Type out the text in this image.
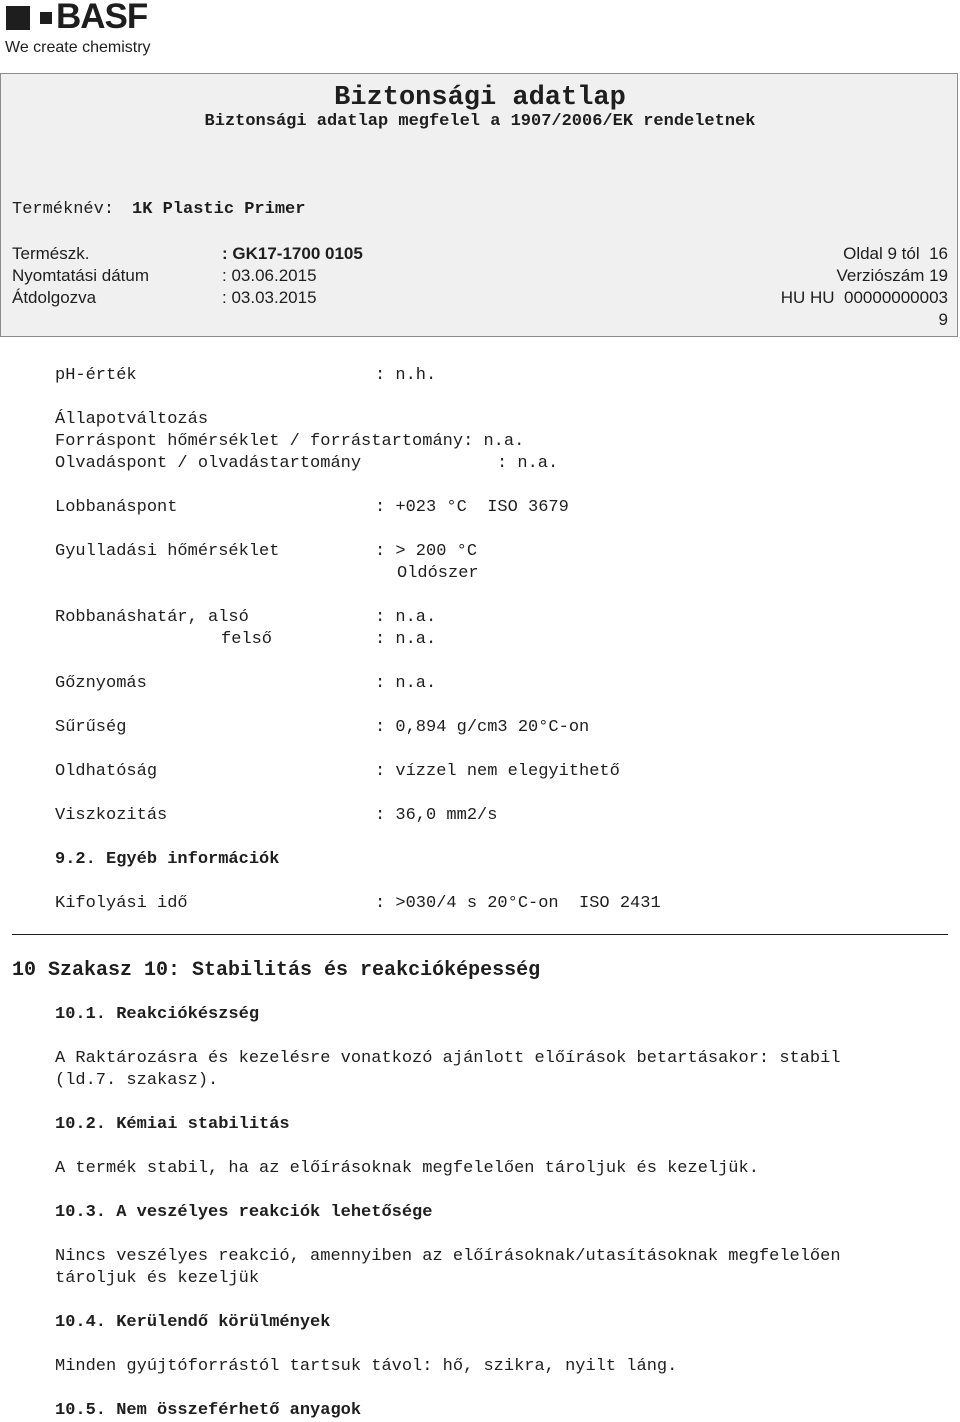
BASF
We create chemistry
Biztonsági adatlap
Biztonsági adatlap megfelel a 1907/2006/EK rendeletnek
Terméknév: 1K Plastic Primer
Természk.	: GK17-1700 0105	Oldal 9 tól  16
Nyomtatási dátum	: 03.06.2015	Verziószám 19
Átdolgozva	: 03.03.2015	HU HU  00000000003
9
pH-érték	: n.h.
Állapotváltozás
Forráspont hőmérséklet / forrástartomány: n.a.
Olvadáspont / olvadástartomány	: n.a.
Lobbanáspont	: +023 °C  ISO 3679
Gyulladási hőmérséklet	: > 200 °C
Oldószer
Robbanáshatár, alsó	: n.a.
felső	: n.a.
Gőznyomás	: n.a.
Sűrűség	: 0,894 g/cm3 20°C-on
Oldhatóság	: vízzel nem elegyithető
Viszkozitás	: 36,0 mm2/s
9.2. Egyéb információk
Kifolyási idő	: >030/4 s 20°C-on  ISO 2431
10 Szakasz 10: Stabilitás és reakcióképesség
10.1. Reakciókészség
A Raktározásra és kezelésre vonatkozó ajánlott előírások betartásakor: stabil
(ld.7. szakasz).
10.2. Kémiai stabilitás
A termék stabil, ha az előírásoknak megfelelően tároljuk és kezeljük.
10.3. A veszélyes reakciók lehetősége
Nincs veszélyes reakció, amennyiben az előírásoknak/utasításoknak megfelelően
tároljuk és kezeljük
10.4. Kerülendő körülmények
Minden gyújtóforrástól tartsuk távol: hő, szikra, nyilt láng.
10.5. Nem összeférhető anyagok
